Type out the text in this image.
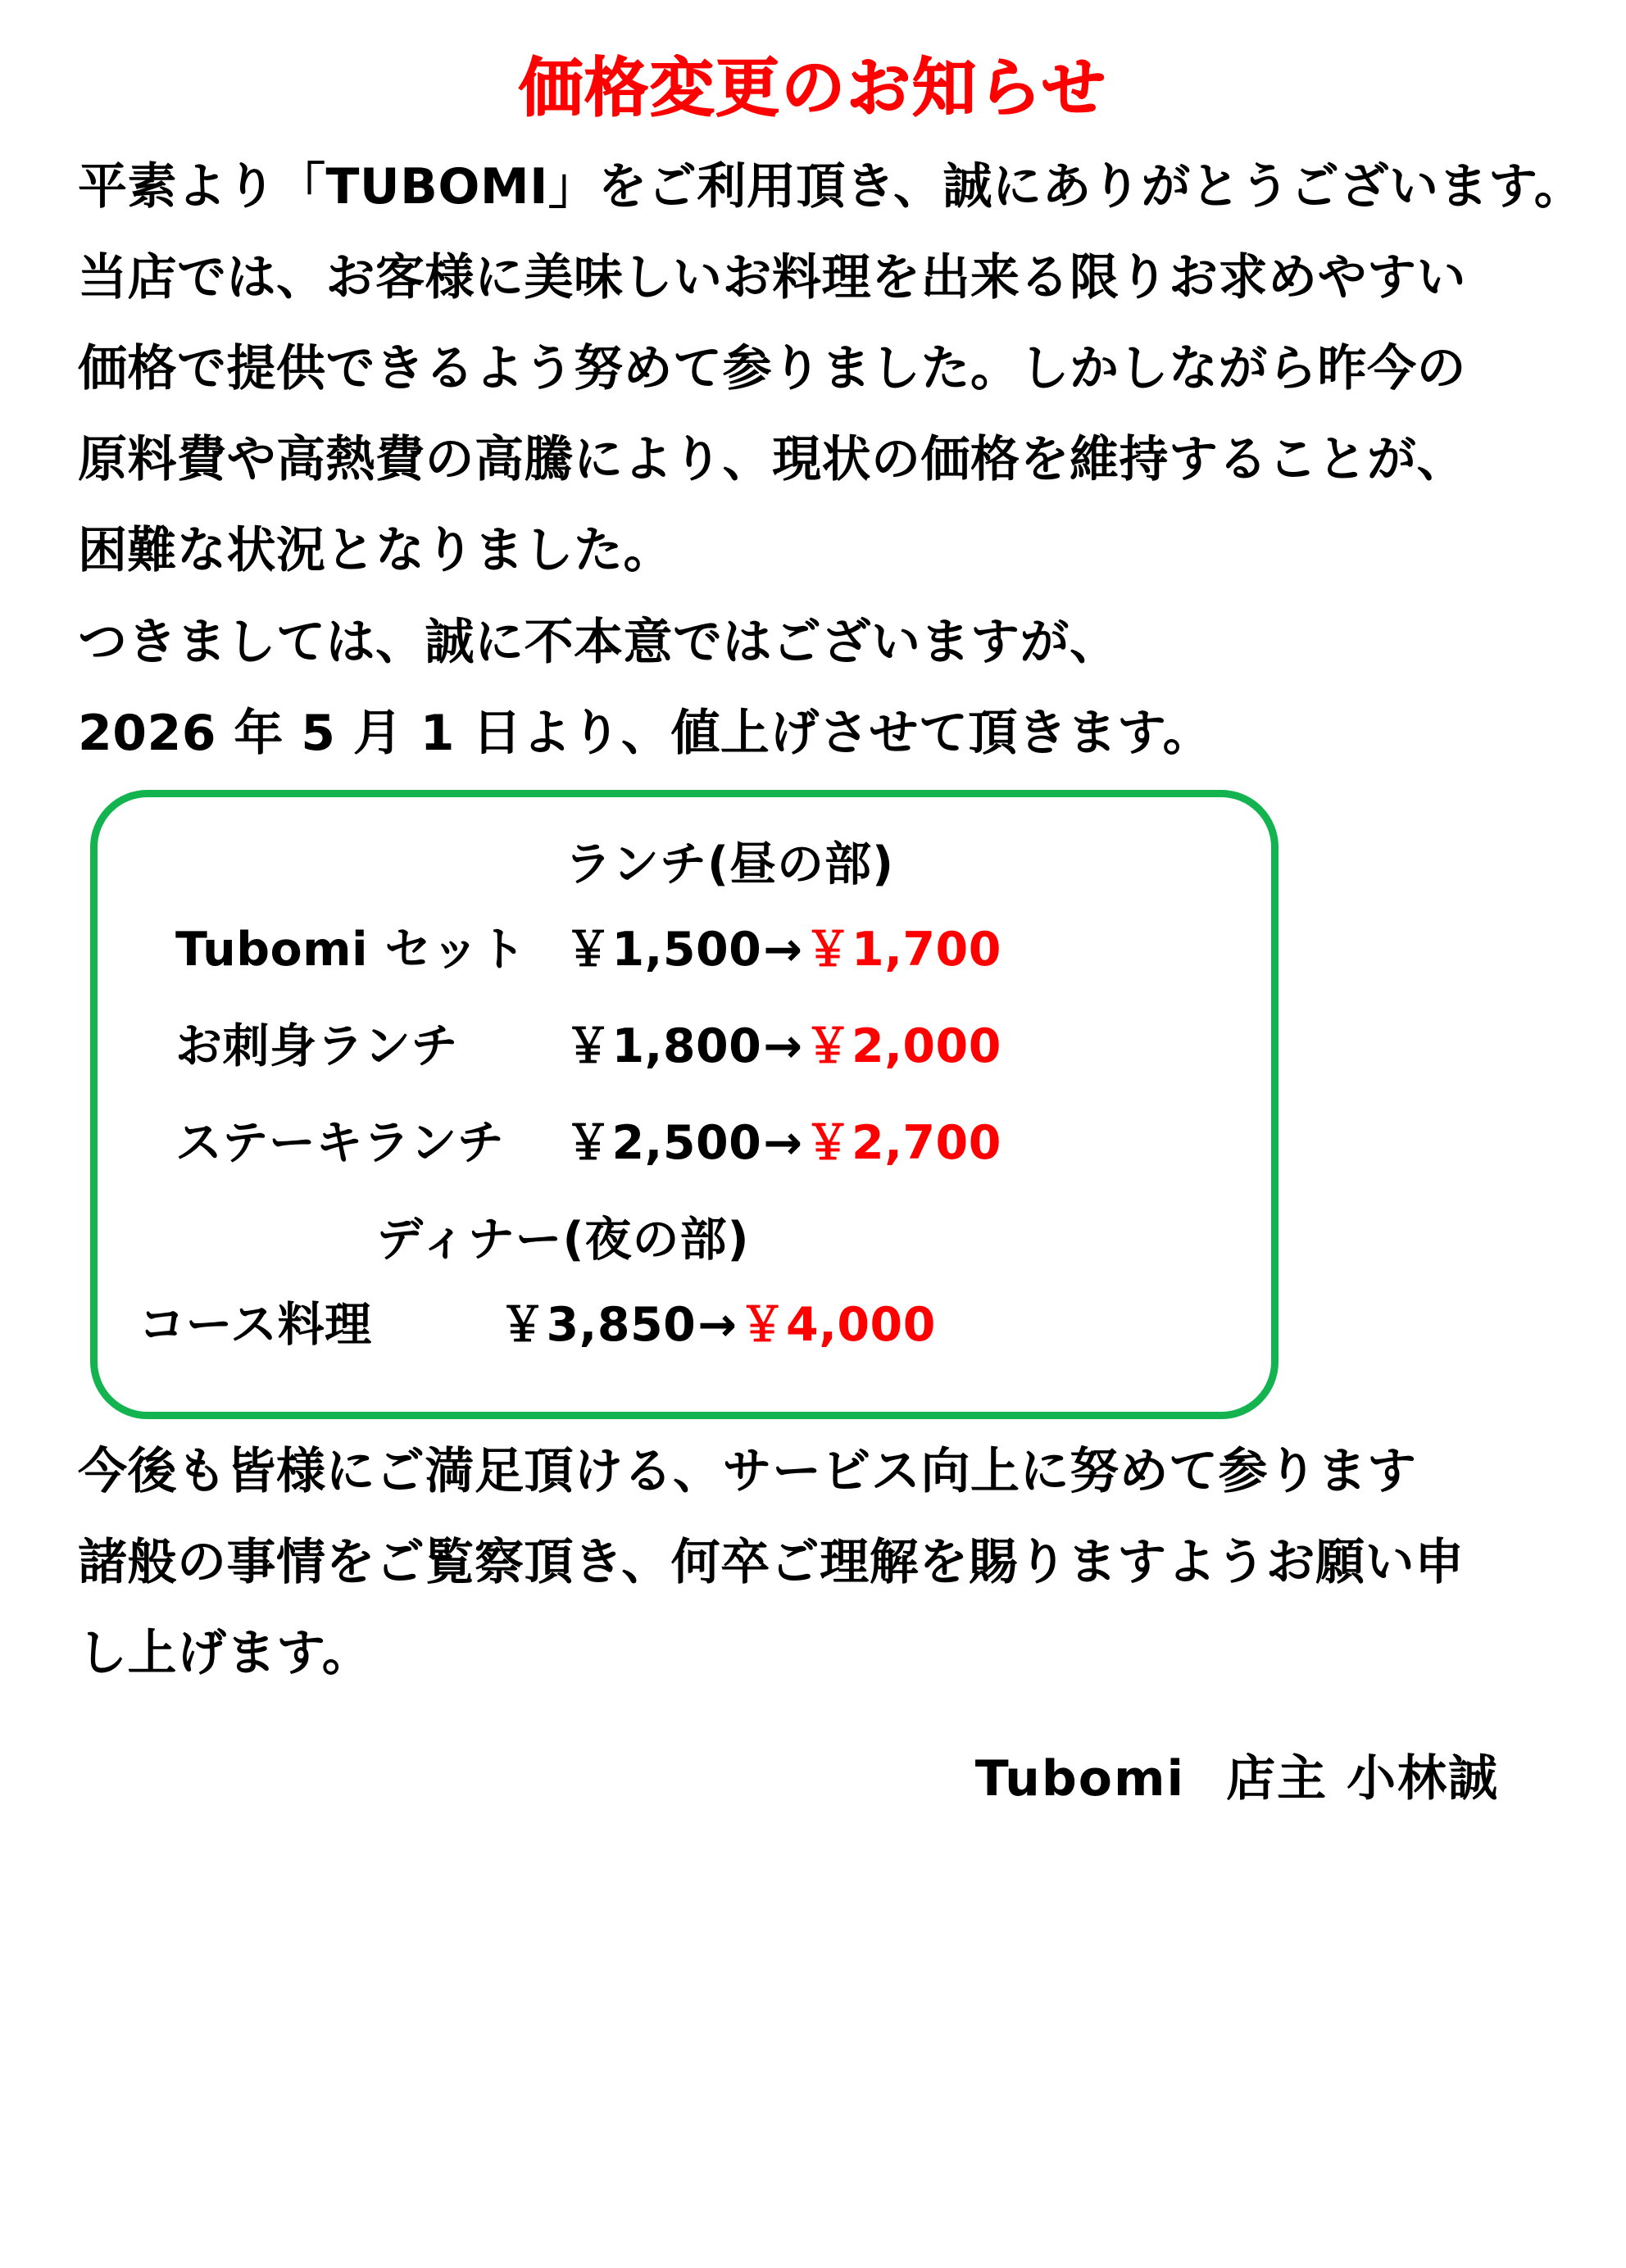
価格変更のお知らせ

平素より「TUBOMI」をご利用頂き、誠にありがとうございます。

当店では、お客様に美味しいお料理を出来る限りお求めやすい

価格で提供できるよう努めて参りました。しかしながら昨今の

原料費や高熱費の高騰により、現状の価格を維持することが、

困難な状況となりました。

つきましては、誠に不本意ではございますが、

2026 年 5 月 1 日より、値上げさせて頂きます。

ランチ(昼の部)
Tubomi セット ￥1,500 → ￥1,700
お刺身ランチ	￥1,800 → ￥2,000
ステーキランチ	￥2,500 → ￥2,700
ディナー(夜の部)
コース料理	￥3,850 → ￥4,000

今後も皆様にご満足頂ける、サービス向上に努めて参ります

諸般の事情をご覧察頂き、何卒ご理解を賜りますようお願い申

し上げます。

Tubomi 店主 小林誠
